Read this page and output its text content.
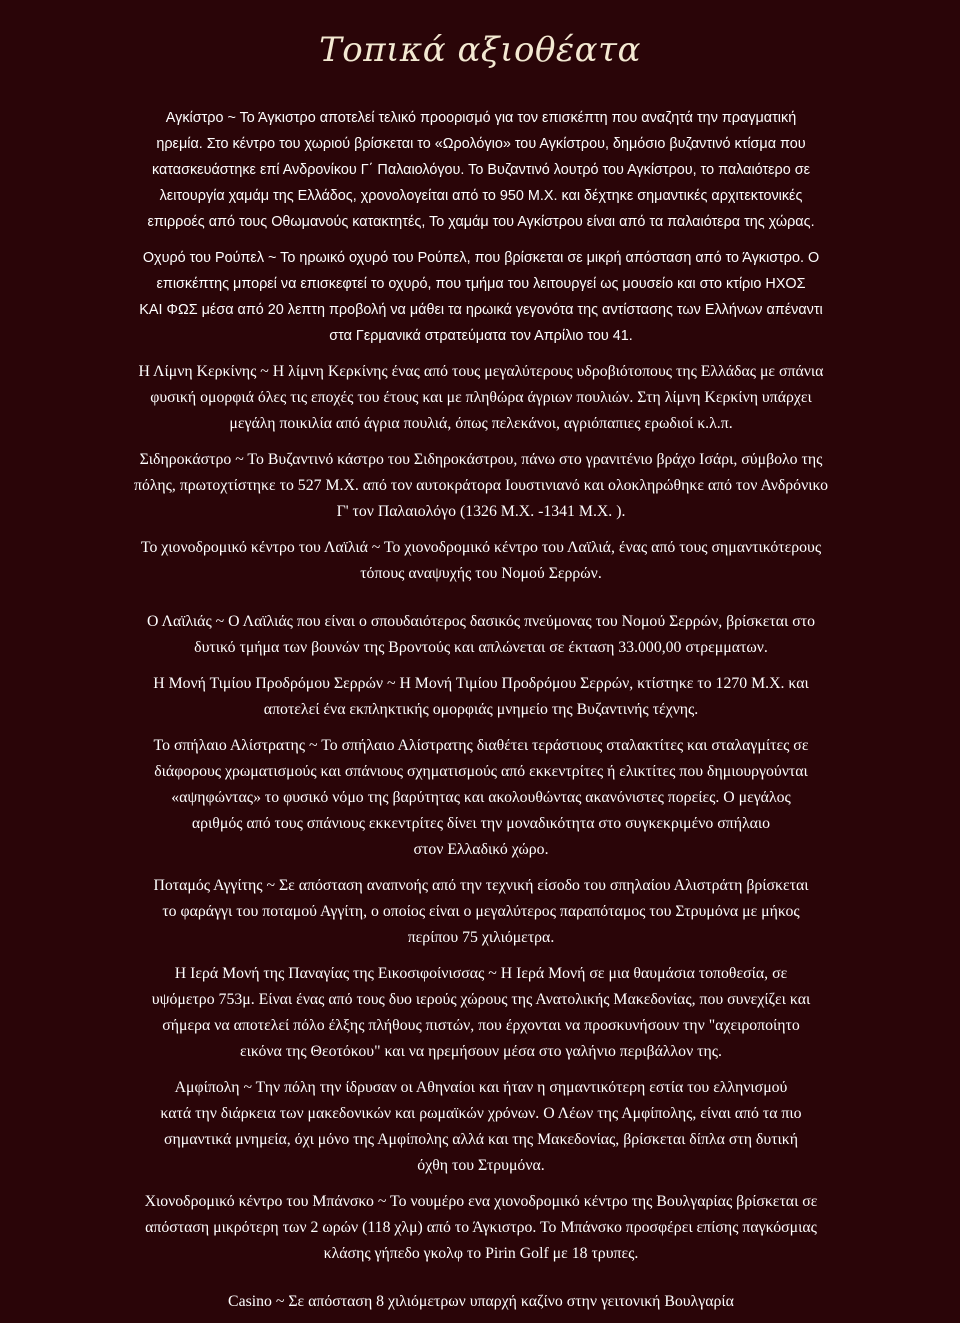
Τοπικά αξιοθέατα

Αγκίστρο ~ Το Άγκιστρο αποτελεί τελικό προορισμό για τον επισκέπτη που αναζητά την πραγματική
ηρεμία. Στο κέντρο του χωριού βρίσκεται το «Ωρολόγιο» του Αγκίστρου, δημόσιο βυζαντινό κτίσμα που
κατασκευάστηκε επί Ανδρονίκου Γ΄ Παλαιολόγου. Το Βυζαντινό λουτρό του Αγκίστρου, το παλαιότερο σε
λειτουργία χαμάμ της Ελλάδος, χρονολογείται από το 950 Μ.Χ. και δέχτηκε σημαντικές αρχιτεκτονικές
επιρροές από τους Οθωμανούς κατακτητές, Το χαμάμ του Αγκίστρου είναι από τα παλαιότερα της χώρας.

Οχυρό του Ρούπελ ~ Το ηρωικό οχυρό του Ρούπελ, που βρίσκεται σε μικρή απόσταση από το Άγκιστρο. Ο
επισκέπτης μπορεί να επισκεφτεί το οχυρό, που τμήμα του λειτουργεί ως μουσείο και στο κτίριο ΗΧΟΣ
ΚΑΙ ΦΩΣ μέσα από 20 λεπτη προβολή να μάθει τα ηρωικά γεγονότα της αντίστασης των Ελλήνων απέναντι
στα Γερμανικά στρατεύματα τον Απρίλιο του 41.

Η Λίμνη Κερκίνης ~ Η λίμνη Κερκίνης ένας από τους μεγαλύτερους υδροβιότοπους της Ελλάδας με σπάνια
φυσική ομορφιά όλες τις εποχές του έτους και με πληθώρα άγριων πουλιών. Στη λίμνη Κερκίνη υπάρχει
μεγάλη ποικιλία από άγρια πουλιά, όπως πελεκάνοι, αγριόπαπιες ερωδιοί κ.λ.π.

Σιδηροκάστρο ~ Το Βυζαντινό κάστρο του Σιδηροκάστρου, πάνω στο γρανιτένιο βράχο Ισάρι, σύμβολο της
πόλης, πρωτοχτίστηκε το 527 Μ.Χ. από τον αυτοκράτορα Ιουστινιανό και ολοκληρώθηκε από τον Ανδρόνικο
Γ' τον Παλαιολόγο (1326 Μ.Χ. -1341 Μ.Χ. ).

Το χιονοδρομικό κέντρο του Λαϊλιά ~ Το χιονοδρομικό κέντρο του Λαϊλιά, ένας από τους σημαντικότερους
τόπους αναψυχής του Νομού Σερρών.

Ο Λαϊλιάς ~ Ο Λαϊλιάς που είναι ο σπουδαιότερος δασικός πνεύμονας του Νομού Σερρών, βρίσκεται στο
δυτικό τμήμα των βουνών της Βροντούς και απλώνεται σε έκταση 33.000,00 στρεμματων.

Η Μονή Τιμίου Προδρόμου Σερρών ~ Η Μονή Τιμίου Προδρόμου Σερρών, κτίστηκε το 1270 Μ.Χ. και
αποτελεί ένα εκπληκτικής ομορφιάς μνημείο της Βυζαντινής τέχνης.

Το σπήλαιο Αλίστρατης ~ Το σπήλαιο Αλίστρατης διαθέτει τεράστιους σταλακτίτες και σταλαγμίτες σε
διάφορους χρωματισμούς και σπάνιους σχηματισμούς από εκκεντρίτες ή ελικτίτες που δημιουργούνται
«αψηφώντας» το φυσικό νόμο της βαρύτητας και ακολουθώντας ακανόνιστες πορείες. Ο μεγάλος
αριθμός από τους σπάνιους εκκεντρίτες δίνει την μοναδικότητα στο συγκεκριμένο σπήλαιο
στον Ελλαδικό χώρο.

Ποταμός Αγγίτης ~ Σε απόσταση αναπνοής από την τεχνική είσοδο του σπηλαίου Αλιστράτη βρίσκεται
το φαράγγι του ποταμού Αγγίτη, ο οποίος είναι ο μεγαλύτερος παραπόταμος του Στρυμόνα με μήκος
περίπου 75 χιλιόμετρα.

Η Ιερά Μονή της Παναγίας της Εικοσιφοίνισσας ~ Η Ιερά Μονή σε μια θαυμάσια τοποθεσία, σε
υψόμετρο 753μ. Είναι ένας από τους δυο ιερούς χώρους της Ανατολικής Μακεδονίας, που συνεχίζει και
σήμερα να αποτελεί πόλο έλξης πλήθους πιστών, που έρχονται να προσκυνήσουν την "αχειροποίητο
εικόνα της Θεοτόκου" και να ηρεμήσουν μέσα στο γαλήνιο περιβάλλον της.

Αμφίπολη ~ Την πόλη την ίδρυσαν οι Αθηναίοι και ήταν η σημαντικότερη εστία του ελληνισμού
κατά την διάρκεια των μακεδονικών και ρωμαϊκών χρόνων. Ο Λέων της Αμφίπολης, είναι από τα πιο
σημαντικά μνημεία, όχι μόνο της Αμφίπολης αλλά και της Μακεδονίας, βρίσκεται δίπλα στη δυτική
όχθη του Στρυμόνα.

Χιονοδρομικό κέντρο του Μπάνσκο ~ Το νουμέρο ενα χιονοδρομικό κέντρο της Βουλγαρίας βρίσκεται σε
απόσταση μικρότερη των 2 ωρών (118 χλμ) από το Άγκιστρο. Το Μπάνσκο προσφέρει επίσης παγκόσμιας
κλάσης γήπεδο γκολφ το Pirin Golf με 18 τρυπες.

Casino ~ Σε απόσταση 8 χιλιόμετρων υπαρχή καζίνο στην γειτονική Βουλγαρία
